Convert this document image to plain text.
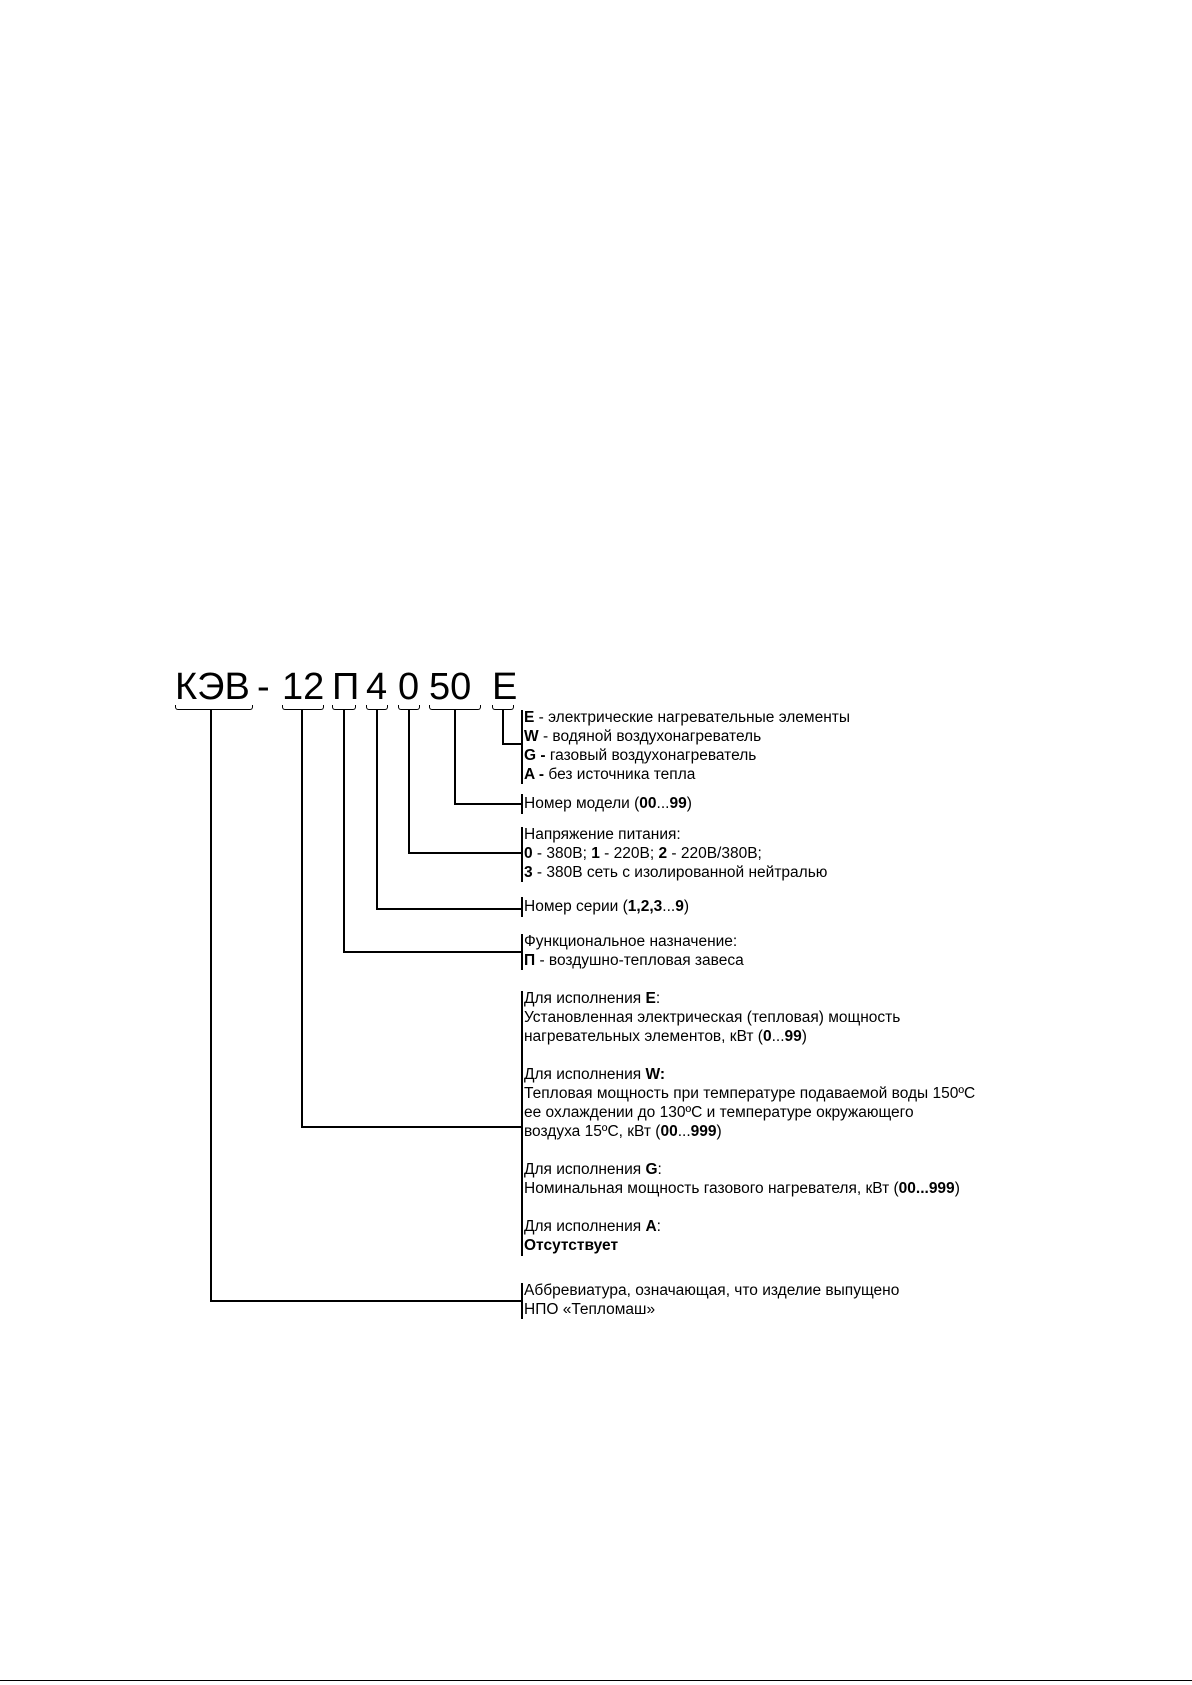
КЭВ - 12 П 4 0 50 E
E - электрические нагревательные элементы
W - водяной воздухонагреватель
G - газовый воздухонагреватель
A - без источника тепла
Номер модели (00...99)
Напряжение питания:
0 - 380В; 1 - 220В; 2 - 220В/380В;
3 - 380В сеть с изолированной нейтралью
Номер серии (1,2,3...9)
Функциональное назначение:
П - воздушно-тепловая завеса
Для исполнения E:
Установленная электрическая (тепловая) мощность
нагревательных элементов, кВт (0...99)

Для исполнения W:
Тепловая мощность при температуре подаваемой воды 150ºС
ее охлаждении до 130ºС и температуре окружающего
воздуха 15ºС, кВт (00...999)

Для исполнения G:
Номинальная мощность газового нагревателя, кВт (00...999)

Для исполнения A:
Отсутствует
Аббревиатура, означающая, что изделие выпущено
НПО «Тепломаш»
